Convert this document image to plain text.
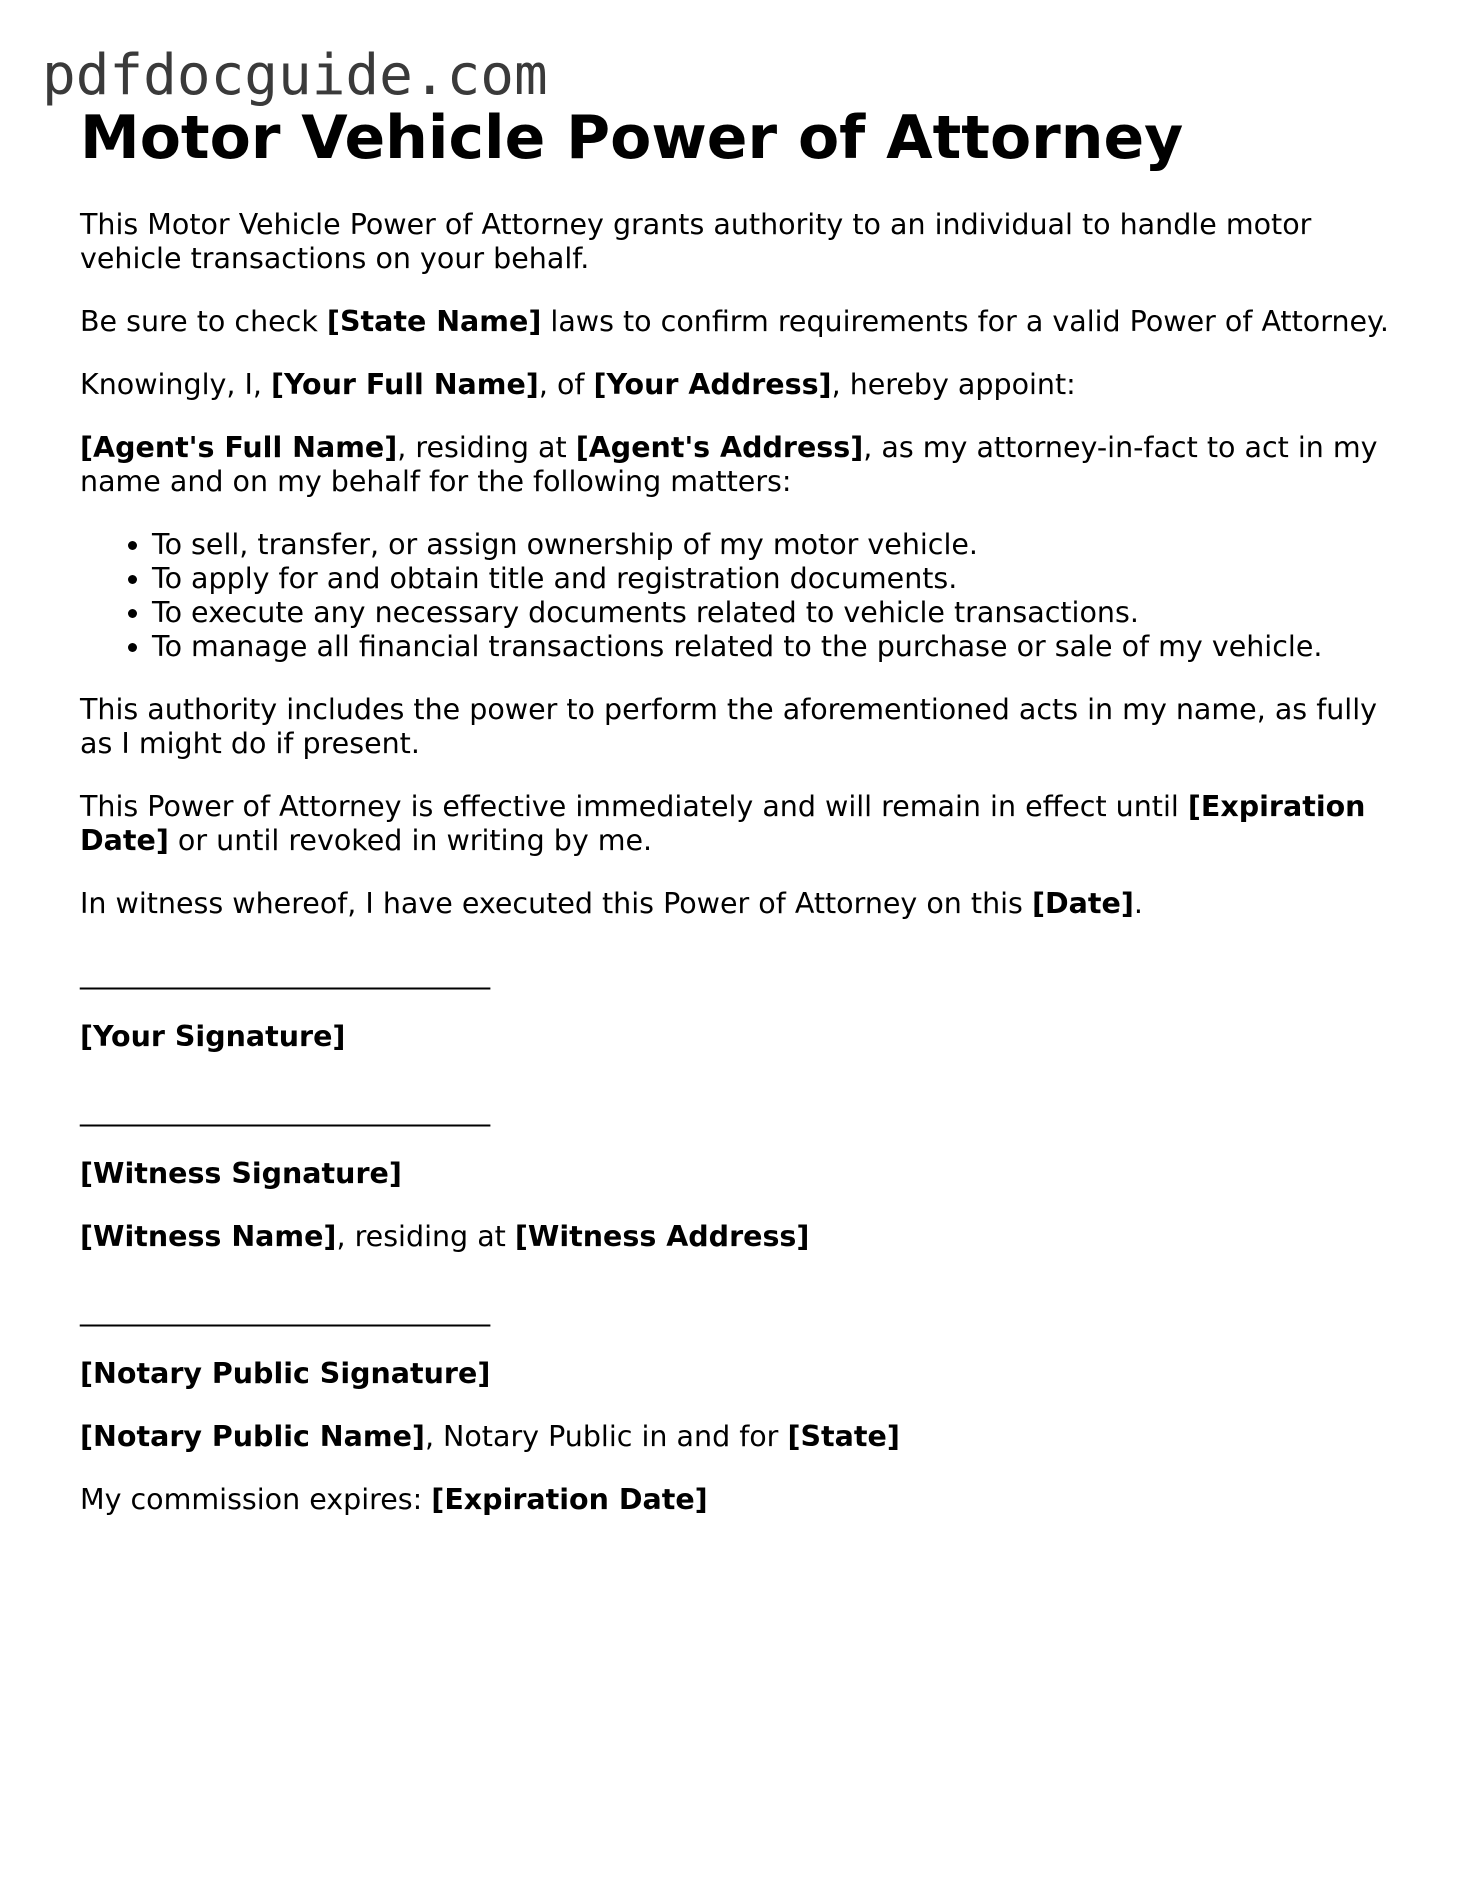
pdfdocguide.com
Motor Vehicle Power of Attorney

This Motor Vehicle Power of Attorney grants authority to an individual to handle motor vehicle transactions on your behalf.

Be sure to check [State Name] laws to confirm requirements for a valid Power of Attorney.

Knowingly, I, [Your Full Name], of [Your Address], hereby appoint:

[Agent's Full Name], residing at [Agent's Address], as my attorney-in-fact to act in my name and on my behalf for the following matters:

• To sell, transfer, or assign ownership of my motor vehicle.
• To apply for and obtain title and registration documents.
• To execute any necessary documents related to vehicle transactions.
• To manage all financial transactions related to the purchase or sale of my vehicle.

This authority includes the power to perform the aforementioned acts in my name, as fully as I might do if present.

This Power of Attorney is effective immediately and will remain in effect until [Expiration Date] or until revoked in writing by me.

In witness whereof, I have executed this Power of Attorney on this [Date].

______________________________

[Your Signature]

______________________________

[Witness Signature]

[Witness Name], residing at [Witness Address]

______________________________

[Notary Public Signature]

[Notary Public Name], Notary Public in and for [State]

My commission expires: [Expiration Date]
